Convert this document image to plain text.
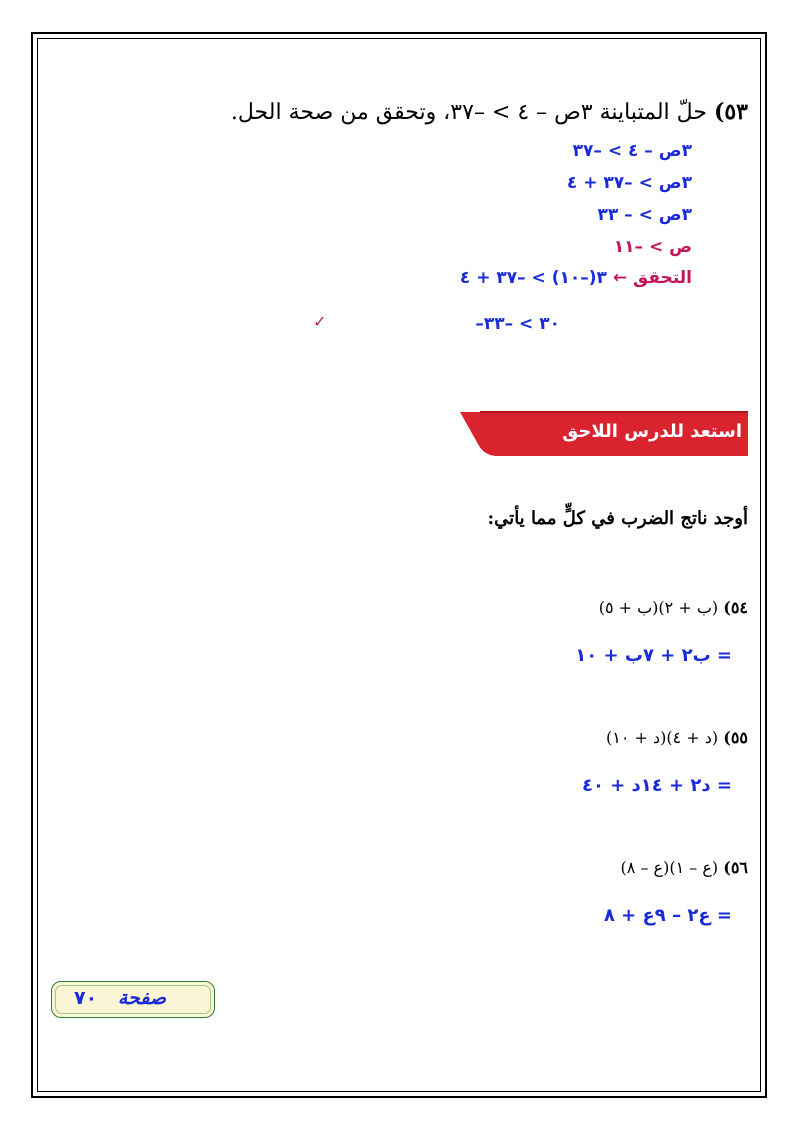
٥٣) حلّ المتباينة ٣ص – ٤ > –٣٧، وتحقق من صحة الحل.
٣ص – ٤ > –٣٧
٣ص > –٣٧ + ٤
٣ص > – ٣٣
ص > –١١
التحقق ← ٣(–١٠) > –٣٧ + ٤
–٣٠ > –٣٣
✓
استعد للدرس اللاحق
أوجد ناتج الضرب في كلٍّ مما يأتي:
٥٤) (ب + ٢)(ب + ٥)
= ب٢ + ٧ب + ١٠
٥٥) (د + ٤)(د + ١٠)
= د٢ + ١٤د + ٤٠
٥٦) (ع – ١)(ع – ٨)
= ع٢ – ٩ع + ٨
صفحة ٧٠
